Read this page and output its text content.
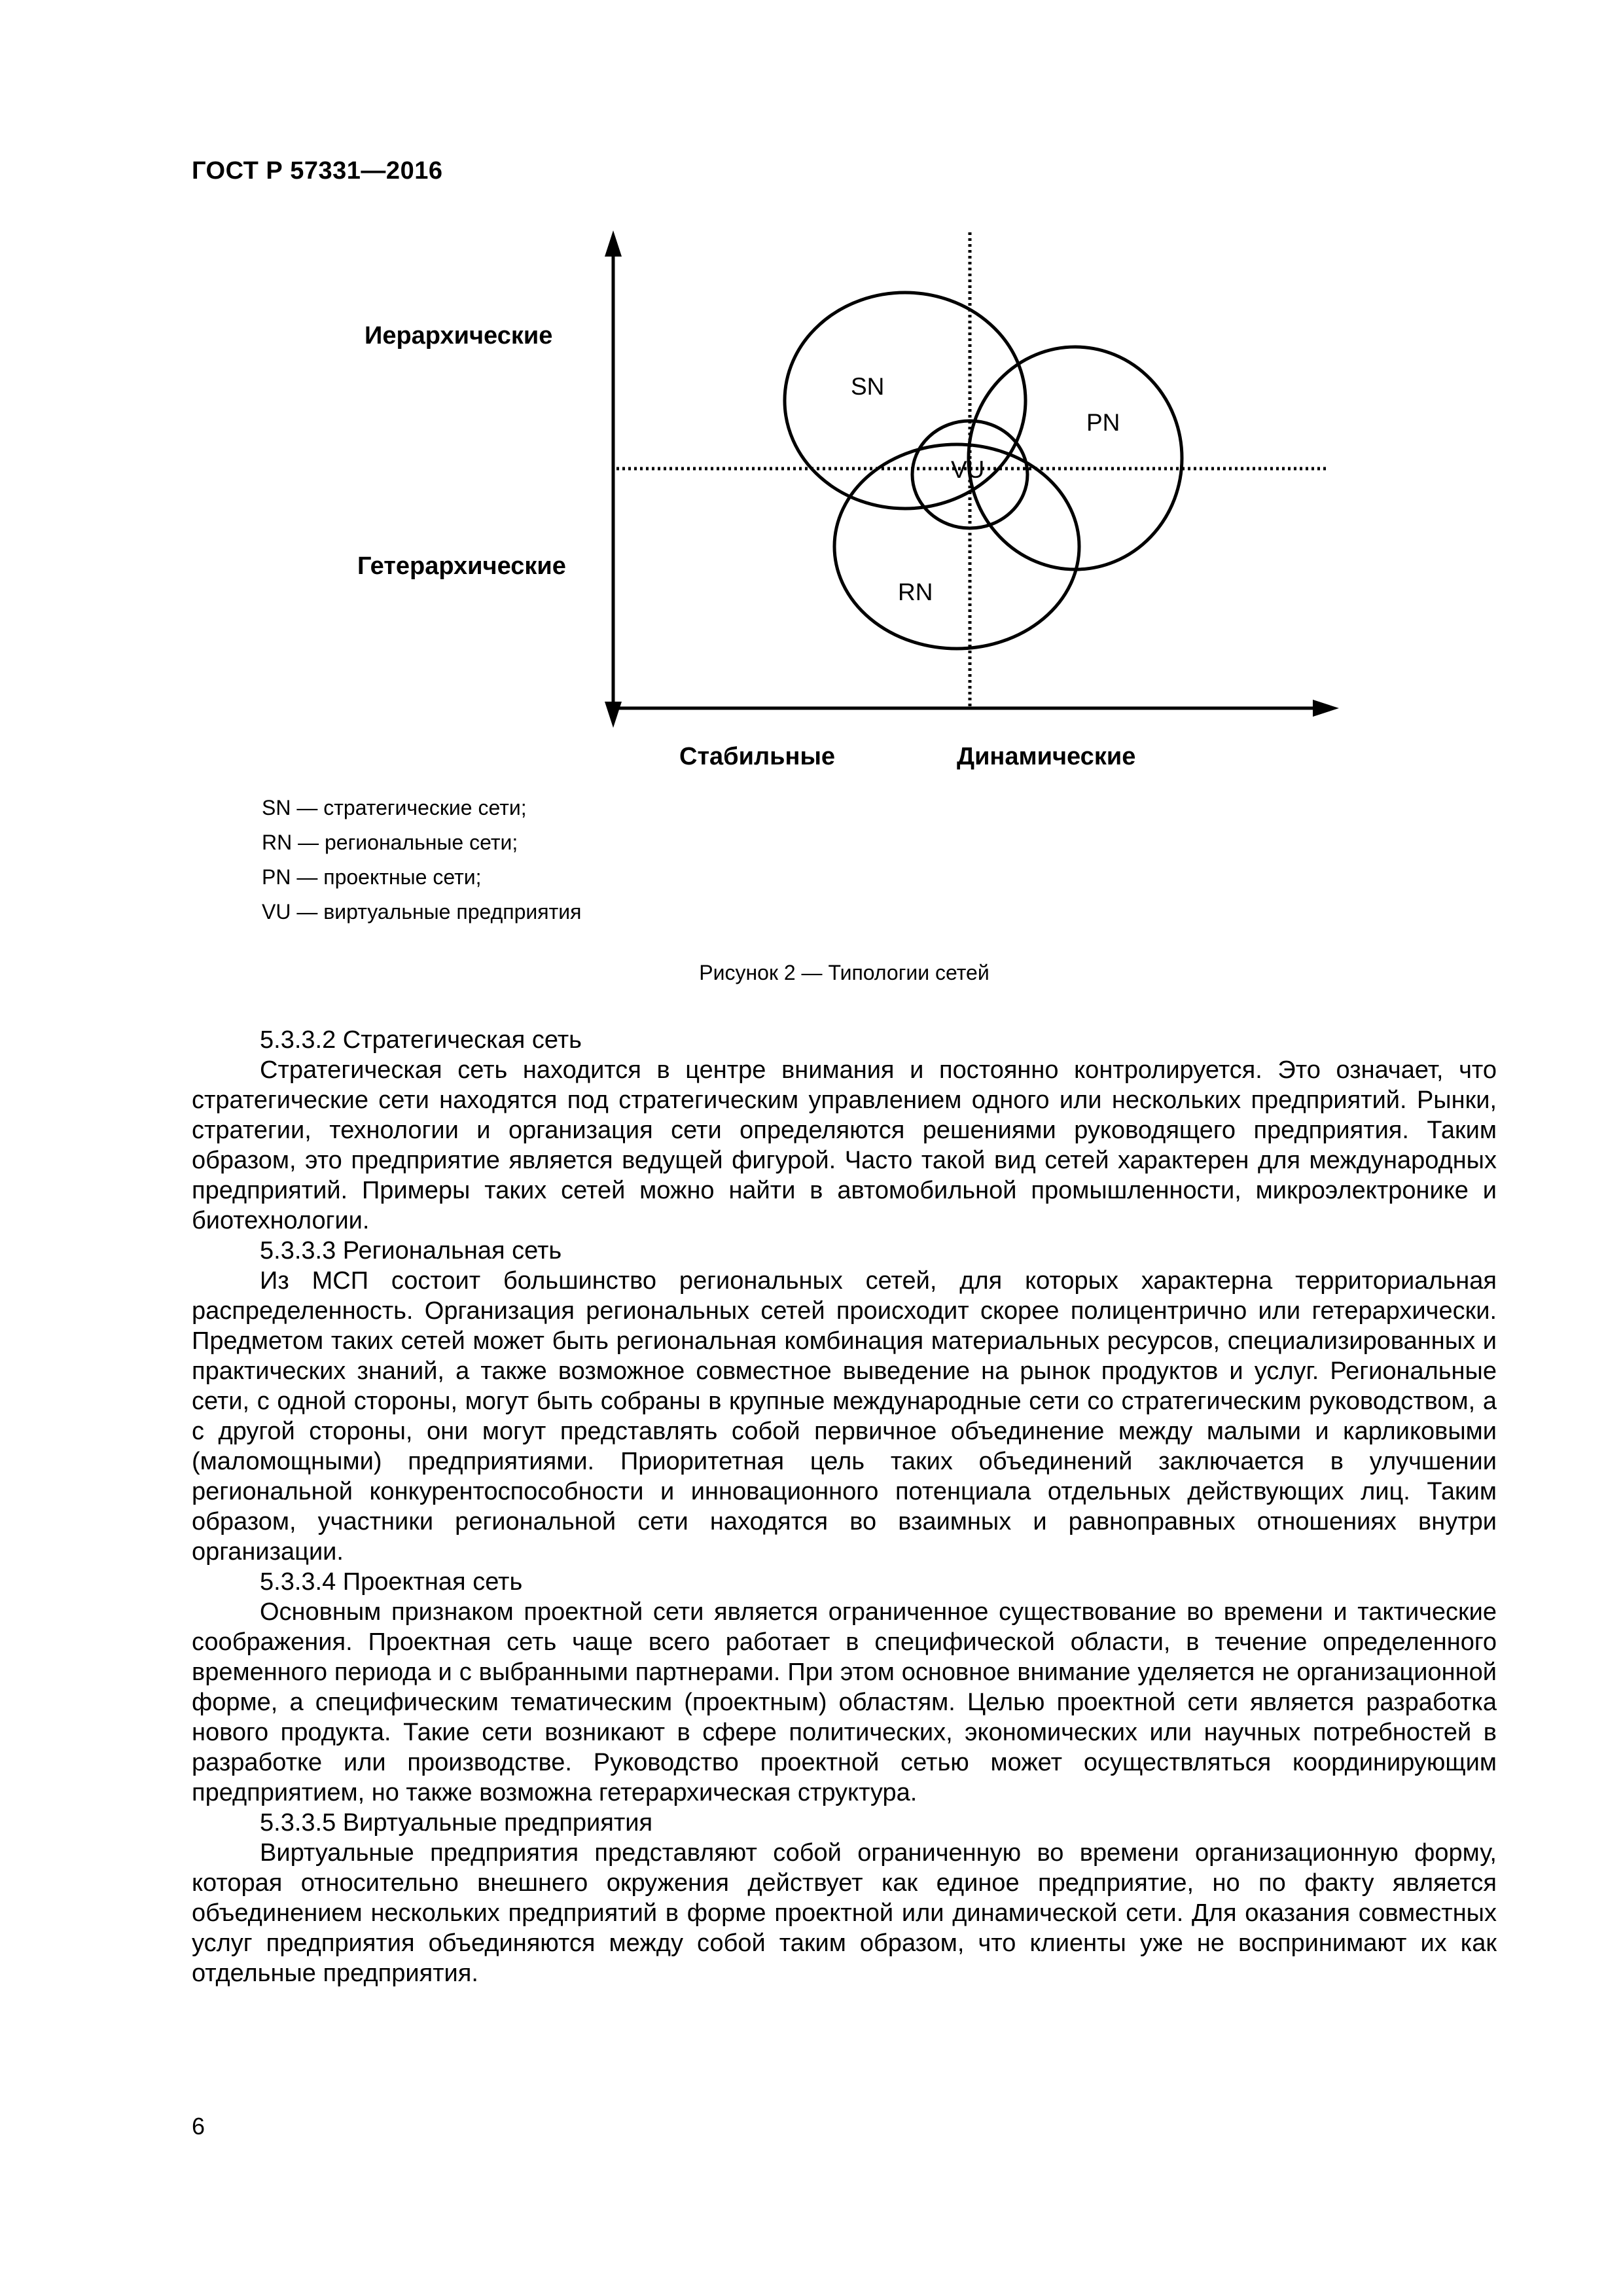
ГОСТ Р 57331—2016
Иерархические
Гетерархические
Стабильные	Динамические
SN
PN
VU
RN
SN — стратегические сети;
RN — региональные сети;
PN — проектные сети;
VU — виртуальные предприятия
Рисунок 2 — Типологии сетей

5.3.3.2 Стратегическая сеть

Стратегическая сеть находится в центре внимания и постоянно контролируется. Это означает, что стратегические сети находятся под стратегическим управлением одного или нескольких предприятий. Рынки, стратегии, технологии и организация сети определяются решениями руководящего предприятия. Таким образом, это предприятие является ведущей фигурой. Часто такой вид сетей характерен для международных предприятий. Примеры таких сетей можно найти в автомобильной промышленности, микроэлектронике и биотехнологии.

5.3.3.3 Региональная сеть

Из МСП состоит большинство региональных сетей, для которых характерна территориальная распределенность. Организация региональных сетей происходит скорее полицентрично или гетерархически. Предметом таких сетей может быть региональная комбинация материальных ресурсов, специализированных и практических знаний, а также возможное совместное выведение на рынок продуктов и услуг. Региональные сети, с одной стороны, могут быть собраны в крупные международные сети со стратегическим руководством, а с другой стороны, они могут представлять собой первичное объединение между малыми и карликовыми (маломощными) предприятиями. Приоритетная цель таких объединений заключается в улучшении региональной конкурентоспособности и инновационного потенциала отдельных действующих лиц. Таким образом, участники региональной сети находятся во взаимных и равноправных отношениях внутри организации.

5.3.3.4 Проектная сеть

Основным признаком проектной сети является ограниченное существование во времени и тактические соображения. Проектная сеть чаще всего работает в специфической области, в течение определенного временного периода и с выбранными партнерами. При этом основное внимание уделяется не организационной форме, а специфическим тематическим (проектным) областям. Целью проектной сети является разработка нового продукта. Такие сети возникают в сфере политических, экономических или научных потребностей в разработке или производстве. Руководство проектной сетью может осуществляться координирующим предприятием, но также возможна гетерархическая структура.

5.3.3.5 Виртуальные предприятия

Виртуальные предприятия представляют собой ограниченную во времени организационную форму, которая относительно внешнего окружения действует как единое предприятие, но по факту является объединением нескольких предприятий в форме проектной или динамической сети. Для оказания совместных услуг предприятия объединяются между собой таким образом, что клиенты уже не воспринимают их как отдельные предприятия.

6
